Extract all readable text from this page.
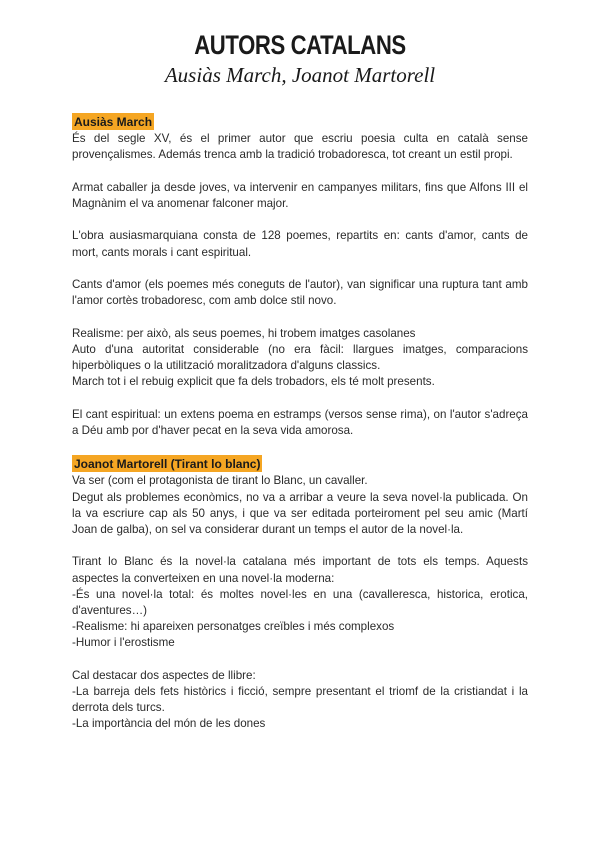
AUTORS CATALANS
Ausiàs March, Joanot Martorell
Ausiàs March

És del segle XV, és el primer autor que escriu poesia culta en català sense provençalismes. Además trenca amb la tradició trobadoresca, tot creant un estil propi.

Armat caballer ja desde joves, va intervenir en campanyes militars, fins que Alfons III el Magnànim el va anomenar falconer major.

L'obra ausiasmarquiana consta de 128 poemes, repartits en: cants d'amor, cants de mort, cants morals i cant espiritual.

Cants d'amor (els poemes més coneguts de l'autor), van significar una ruptura tant amb l'amor cortès trobadoresc, com amb dolce stil novo.

Realisme: per això, als seus poemes, hi trobem imatges casolanes

Auto d'una autoritat considerable (no era fàcil: llargues imatges, comparacions hiperbòliques o la utilització moralitzadora d'alguns classics.

March tot i el rebuig explicit que fa dels trobadors, els té molt presents.

El cant espiritual: un extens poema en estramps (versos sense rima), on l'autor s'adreça a Déu amb por d'haver pecat en la seva vida amorosa.

Joanot Martorell (Tirant lo blanc)

Va ser (com el protagonista de tirant lo Blanc, un cavaller.

Degut als problemes econòmics, no va a arribar a veure la seva novel·la publicada. On la va escriure cap als 50 anys, i que va ser editada porteiroment pel seu amic (Martí Joan de galba), on sel va considerar durant un temps el autor de la novel·la.

Tirant lo Blanc és la novel·la catalana més important de tots els temps. Aquests aspectes la converteixen en una novel·la moderna:

-És una novel·la total: és moltes novel·les en una (cavalleresca, historica, erotica, d'aventures…)

-Realisme: hi apareixen personatges creïbles i més complexos

-Humor i l'erostisme

Cal destacar dos aspectes de llibre:

-La barreja dels fets històrics i ficció, sempre presentant el triomf de la cristiandat i la derrota dels turcs.

-La importància del món de les dones
